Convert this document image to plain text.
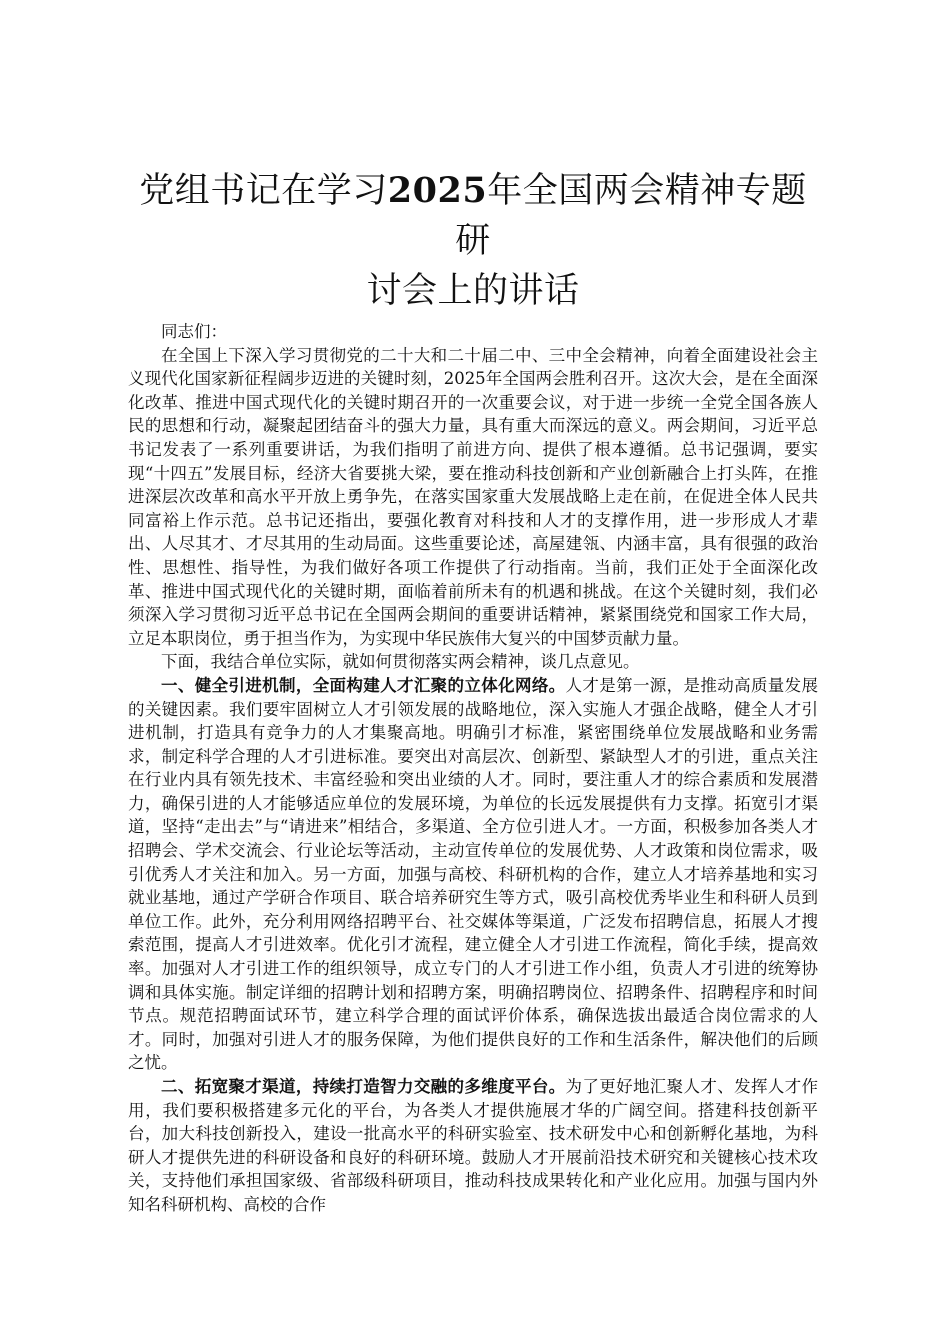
党组书记在学习2025年全国两会精神专题研
讨会上的讲话

同志们：

在全国上下深入学习贯彻党的二十大和二十届二中、三中全会精神，向着全面建设社会主义现代化国家新征程阔步迈进的关键时刻，2025年全国两会胜利召开。这次大会，是在全面深化改革、推进中国式现代化的关键时期召开的一次重要会议，对于进一步统一全党全国各族人民的思想和行动，凝聚起团结奋斗的强大力量，具有重大而深远的意义。两会期间，习近平总书记发表了一系列重要讲话，为我们指明了前进方向、提供了根本遵循。总书记强调，要实现“十四五”发展目标，经济大省要挑大梁，要在推动科技创新和产业创新融合上打头阵，在推进深层次改革和高水平开放上勇争先，在落实国家重大发展战略上走在前，在促进全体人民共同富裕上作示范。总书记还指出，要强化教育对科技和人才的支撑作用，进一步形成人才辈出、人尽其才、才尽其用的生动局面。这些重要论述，高屋建瓴、内涵丰富，具有很强的政治性、思想性、指导性，为我们做好各项工作提供了行动指南。当前，我们正处于全面深化改革、推进中国式现代化的关键时期，面临着前所未有的机遇和挑战。在这个关键时刻，我们必须深入学习贯彻习近平总书记在全国两会期间的重要讲话精神，紧紧围绕党和国家工作大局，立足本职岗位，勇于担当作为，为实现中华民族伟大复兴的中国梦贡献力量。

下面，我结合单位实际，就如何贯彻落实两会精神，谈几点意见。

一、健全引进机制，全面构建人才汇聚的立体化网络。人才是第一源，是推动高质量发展的关键因素。我们要牢固树立人才引领发展的战略地位，深入实施人才强企战略，健全人才引进机制，打造具有竞争力的人才集聚高地。明确引才标准，紧密围绕单位发展战略和业务需求，制定科学合理的人才引进标准。要突出对高层次、创新型、紧缺型人才的引进，重点关注在行业内具有领先技术、丰富经验和突出业绩的人才。同时，要注重人才的综合素质和发展潜力，确保引进的人才能够适应单位的发展环境，为单位的长远发展提供有力支撑。拓宽引才渠道，坚持“走出去”与“请进来”相结合，多渠道、全方位引进人才。一方面，积极参加各类人才招聘会、学术交流会、行业论坛等活动，主动宣传单位的发展优势、人才政策和岗位需求，吸引优秀人才关注和加入。另一方面，加强与高校、科研机构的合作，建立人才培养基地和实习就业基地，通过产学研合作项目、联合培养研究生等方式，吸引高校优秀毕业生和科研人员到单位工作。此外，充分利用网络招聘平台、社交媒体等渠道，广泛发布招聘信息，拓展人才搜索范围，提高人才引进效率。优化引才流程，建立健全人才引进工作流程，简化手续，提高效率。加强对人才引进工作的组织领导，成立专门的人才引进工作小组，负责人才引进的统筹协调和具体实施。制定详细的招聘计划和招聘方案，明确招聘岗位、招聘条件、招聘程序和时间节点。规范招聘面试环节，建立科学合理的面试评价体系，确保选拔出最适合岗位需求的人才。同时，加强对引进人才的服务保障，为他们提供良好的工作和生活条件，解决他们的后顾之忧。

二、拓宽聚才渠道，持续打造智力交融的多维度平台。为了更好地汇聚人才、发挥人才作用，我们要积极搭建多元化的平台，为各类人才提供施展才华的广阔空间。搭建科技创新平台，加大科技创新投入，建设一批高水平的科研实验室、技术研发中心和创新孵化基地，为科研人才提供先进的科研设备和良好的科研环境。鼓励人才开展前沿技术研究和关键核心技术攻关，支持他们承担国家级、省部级科研项目，推动科技成果转化和产业化应用。加强与国内外知名科研机构、高校的合作
